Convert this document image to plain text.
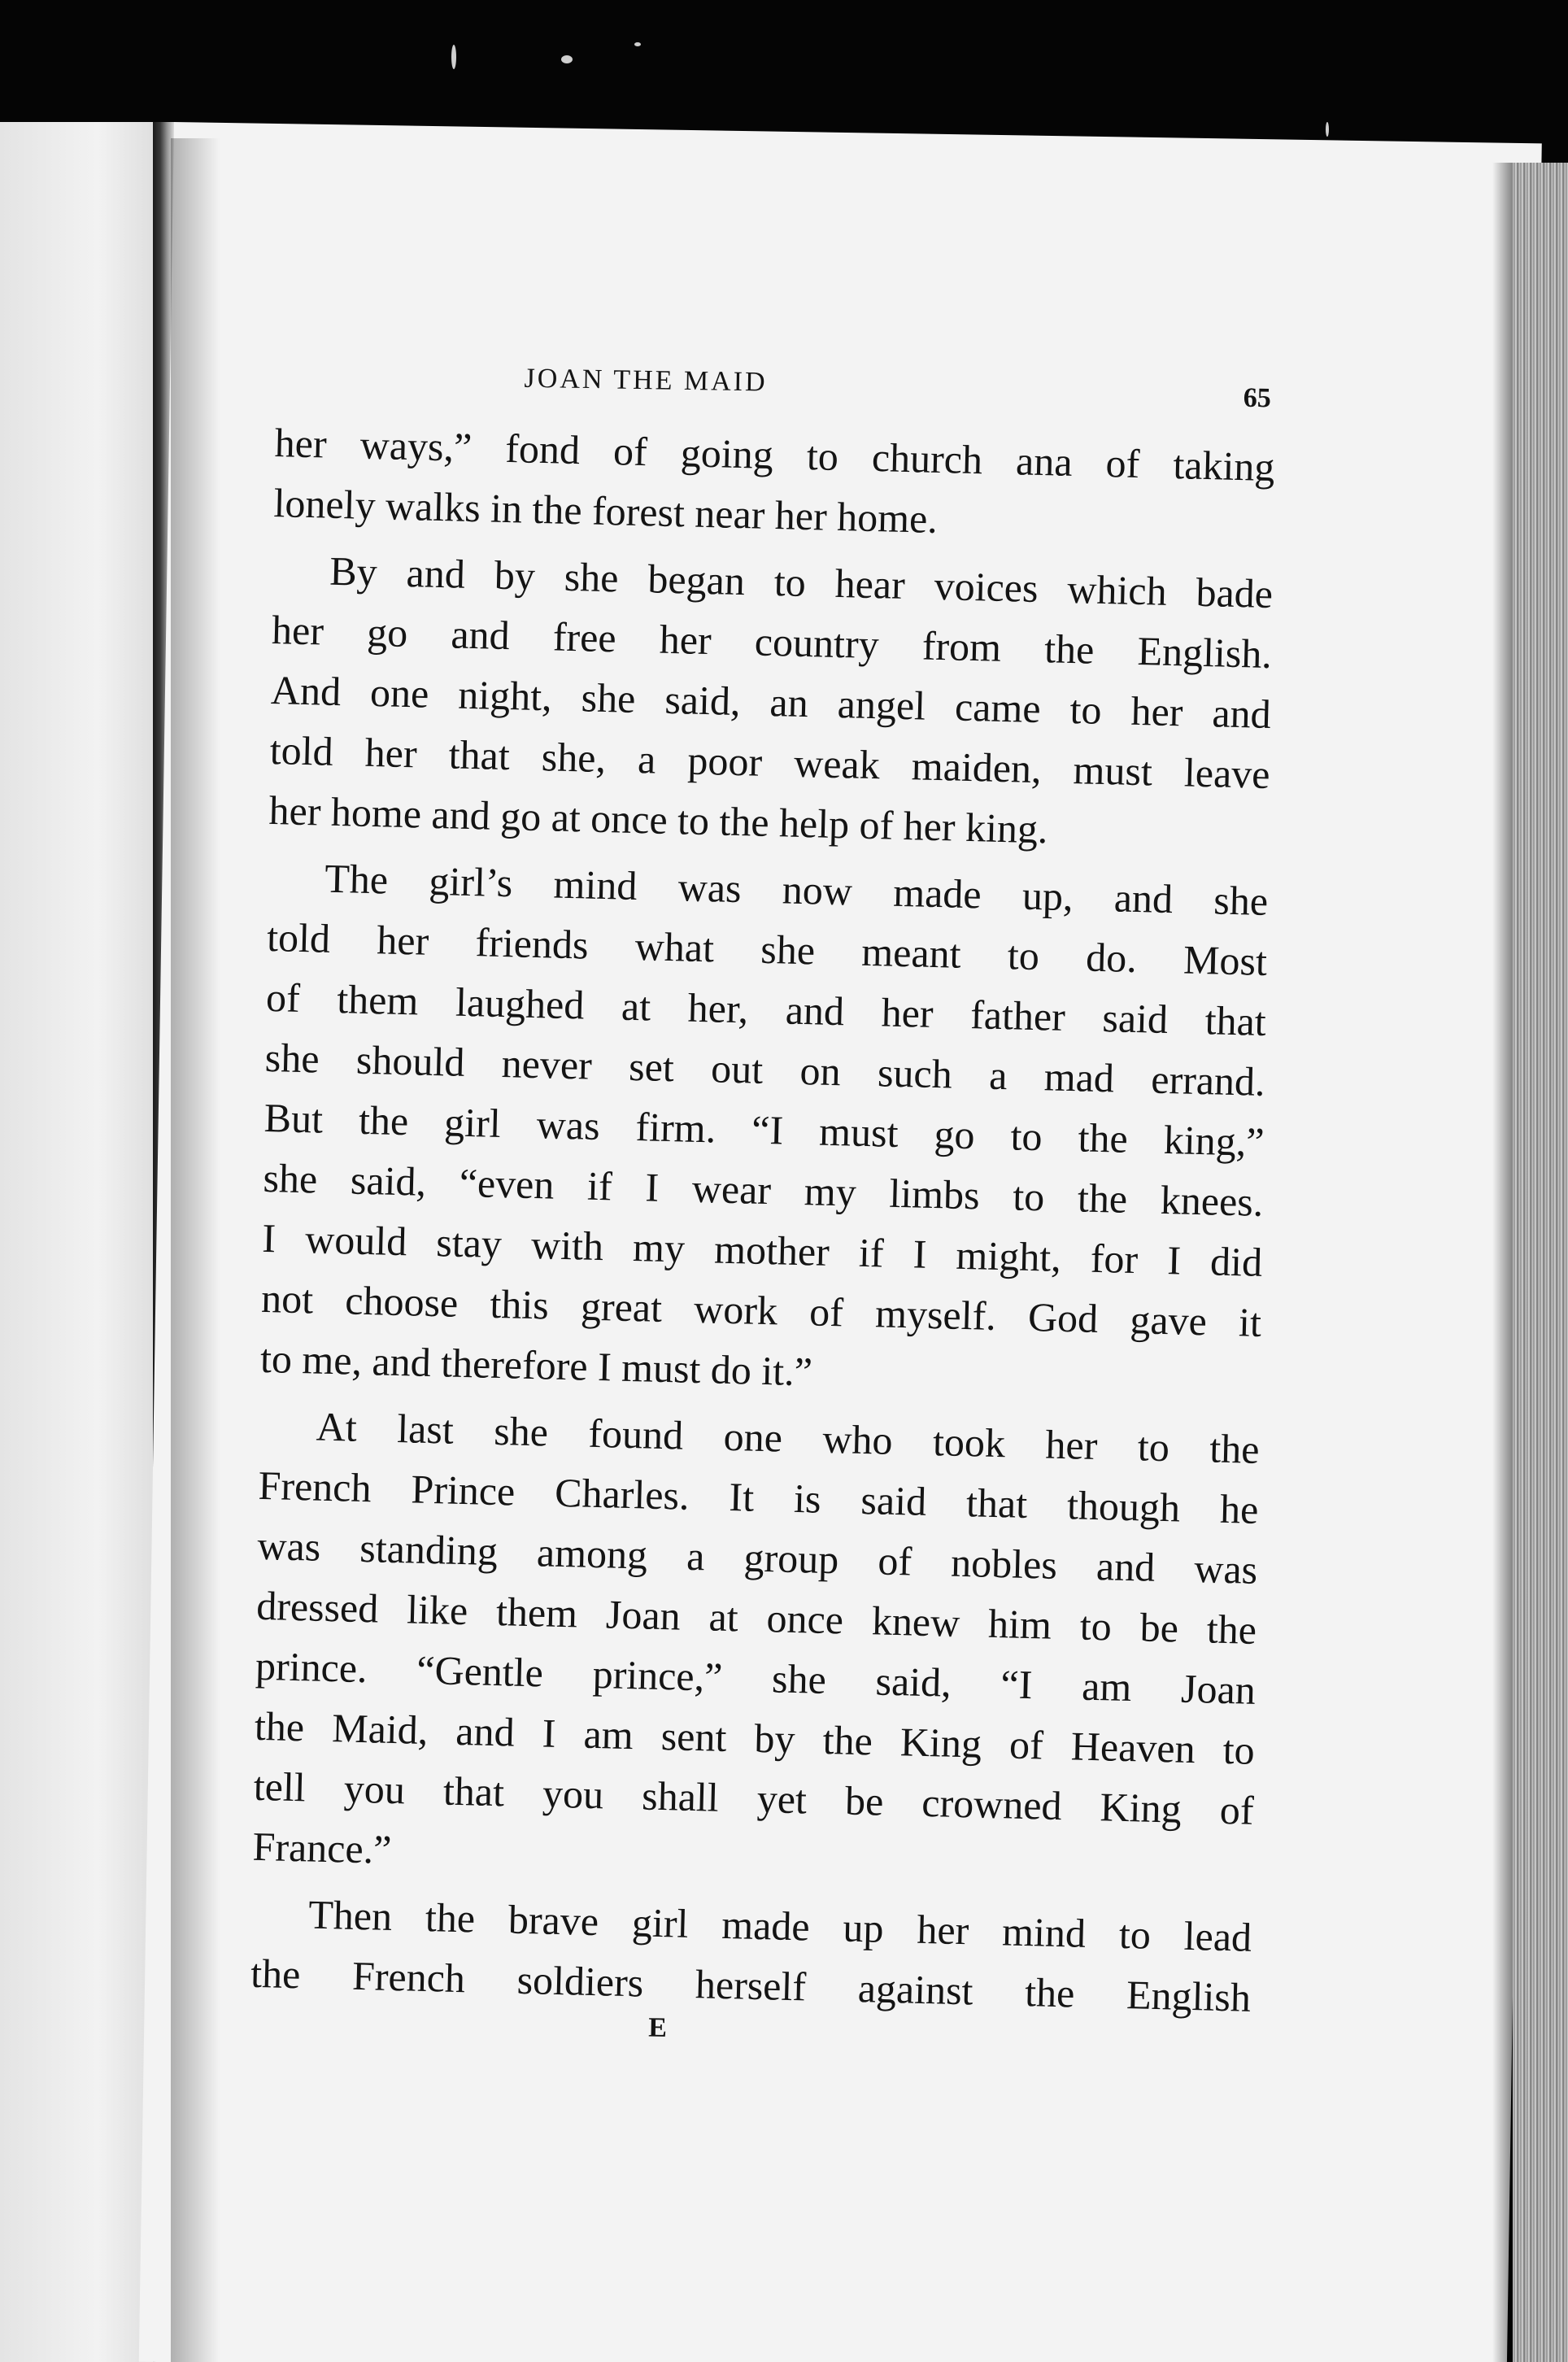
JOAN THE MAID
65
her ways,” fond of going to church ana of taking
lonely walks in the forest near her home.
By and by she began to hear voices which bade
her go and free her country from the English.
And one night, she said, an angel came to her and
told her that she, a poor weak maiden, must leave
her home and go at once to the help of her king.
The girl’s mind was now made up, and she
told her friends what she meant to do. Most
of them laughed at her, and her father said that
she should never set out on such a mad errand.
But the girl was firm. “I must go to the king,”
she said, “even if I wear my limbs to the knees.
I would stay with my mother if I might, for I did
not choose this great work of myself. God gave it
to me, and therefore I must do it.”
At last she found one who took her to the
French Prince Charles. It is said that though he
was standing among a group of nobles and was
dressed like them Joan at once knew him to be the
prince. “Gentle prince,” she said, “I am Joan
the Maid, and I am sent by the King of Heaven to
tell you that you shall yet be crowned King of
France.”
Then the brave girl made up her mind to lead
the French soldiers herself against the English
E
